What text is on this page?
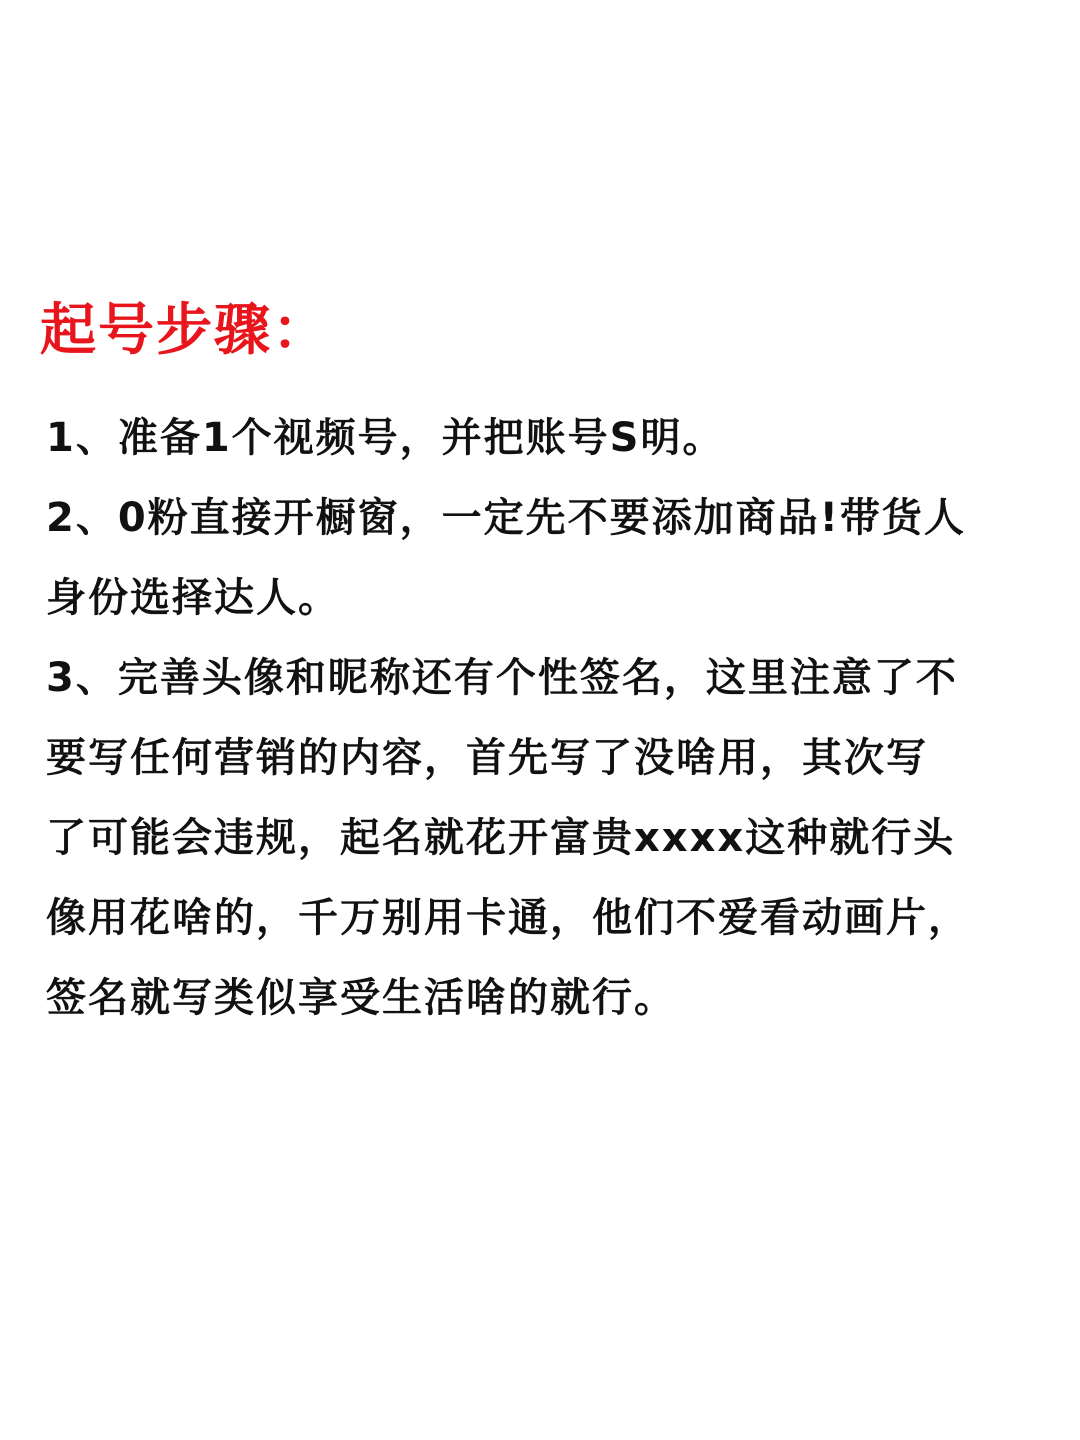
起号步骤：
1、准备1个视频号，并把账号S明。
2、0粉直接开橱窗，一定先不要添加商品!带货人
身份选择达人。
3、完善头像和昵称还有个性签名，这里注意了不
要写任何营销的内容，首先写了没啥用，其次写
了可能会违规，起名就花开富贵xxxx这种就行头
像用花啥的，千万别用卡通，他们不爱看动画片，
签名就写类似享受生活啥的就行。
